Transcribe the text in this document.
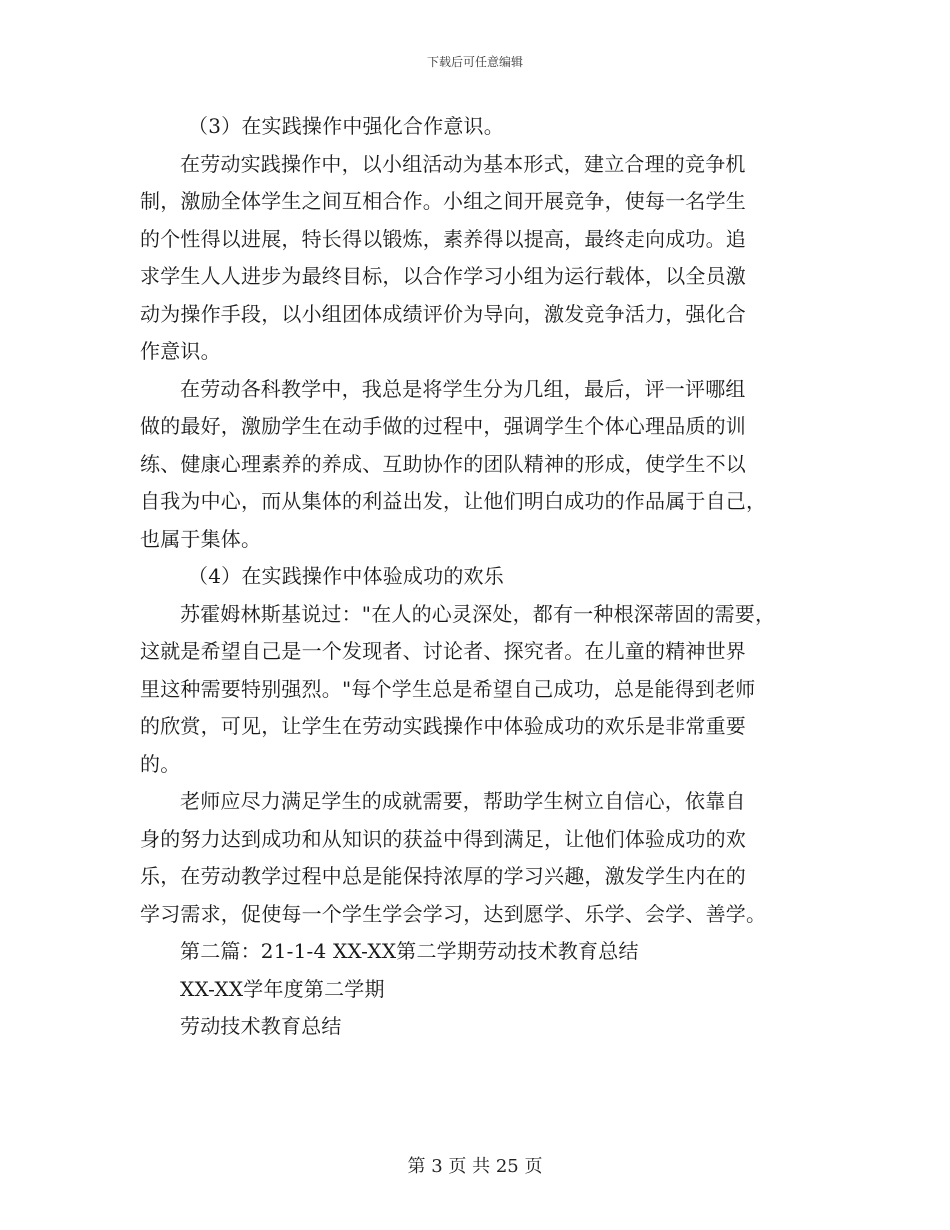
下载后可任意编辑
（3）在实践操作中强化合作意识。
在劳动实践操作中，以小组活动为基本形式，建立合理的竞争机
制，激励全体学生之间互相合作。小组之间开展竞争，使每一名学生
的个性得以进展，特长得以锻炼，素养得以提高，最终走向成功。追
求学生人人进步为最终目标，以合作学习小组为运行载体，以全员激
动为操作手段，以小组团体成绩评价为导向，激发竞争活力，强化合
作意识。
在劳动各科教学中，我总是将学生分为几组，最后，评一评哪组
做的最好，激励学生在动手做的过程中，强调学生个体心理品质的训
练、健康心理素养的养成、互助协作的团队精神的形成，使学生不以
自我为中心，而从集体的利益出发，让他们明白成功的作品属于自己，
也属于集体。
（4）在实践操作中体验成功的欢乐
苏霍姆林斯基说过："在人的心灵深处，都有一种根深蒂固的需要，
这就是希望自己是一个发现者、讨论者、探究者。在儿童的精神世界
里这种需要特别强烈。"每个学生总是希望自己成功，总是能得到老师
的欣赏，可见，让学生在劳动实践操作中体验成功的欢乐是非常重要
的。
老师应尽力满足学生的成就需要，帮助学生树立自信心，依靠自
身的努力达到成功和从知识的获益中得到满足，让他们体验成功的欢
乐，在劳动教学过程中总是能保持浓厚的学习兴趣，激发学生内在的
学习需求，促使每一个学生学会学习，达到愿学、乐学、会学、善学。
第二篇：21-1-4 XX-XX第二学期劳动技术教育总结
XX-XX学年度第二学期
劳动技术教育总结
第 3 页 共 25 页
